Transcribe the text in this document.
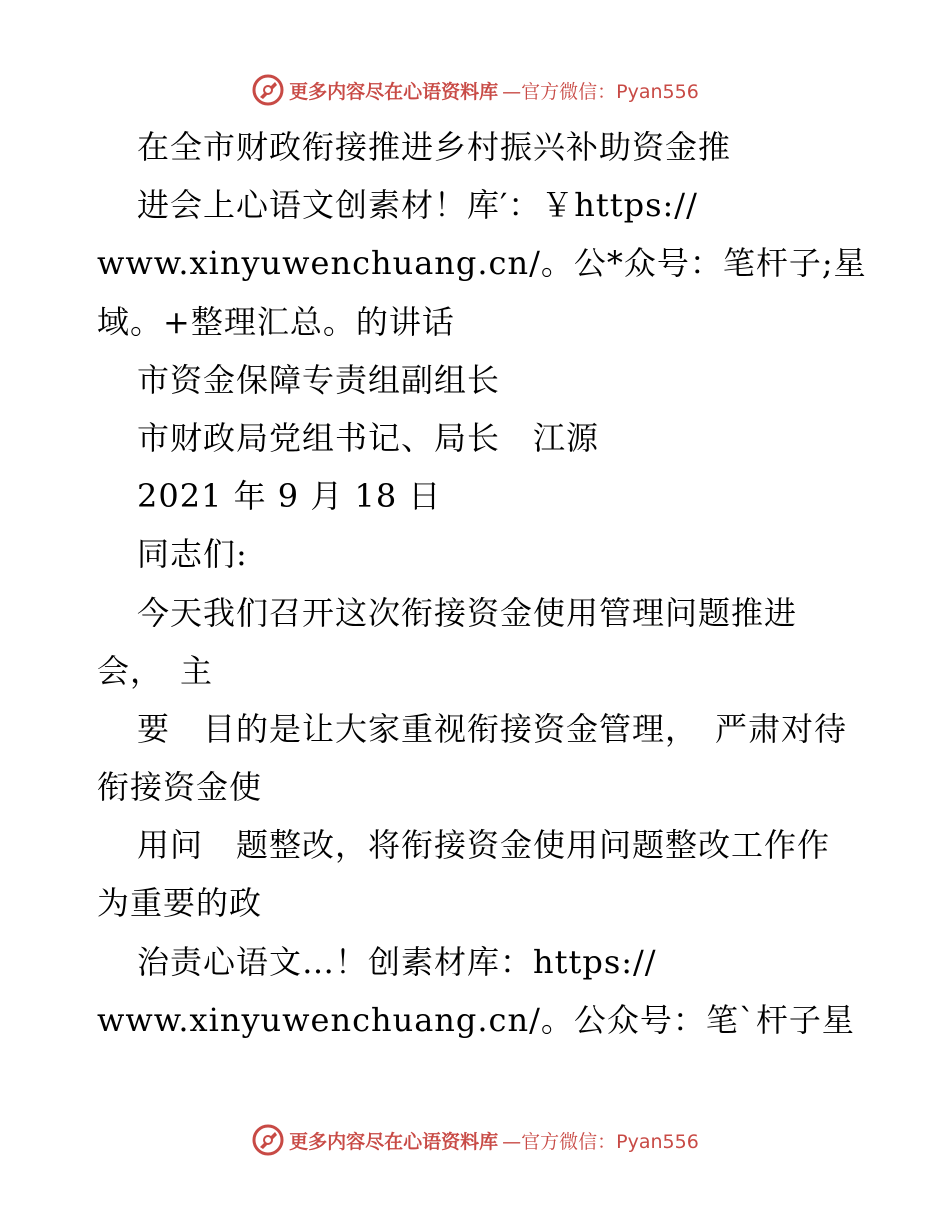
更多内容尽在心语资料库 —官方微信：Pyan556
在全市财政衔接推进乡村振兴补助资金推
进会上心语文创素材！库′：￥https://
www.xinyuwenchuang.cn/。公*众号：笔杆子;星
域。+整理汇总。的讲话
市资金保障专责组副组长
市财政局党组书记、局长　江源
2021 年 9 月 18 日
同志们:
今天我们召开这次衔接资金使用管理问题推进
会，　主
要　目的是让大家重视衔接资金管理，　严肃对待
衔接资金使
用问　题整改，将衔接资金使用问题整改工作作
为重要的政
治责心语文…！创素材库：https://
www.xinyuwenchuang.cn/。公众号：笔`杆子星
更多内容尽在心语资料库 —官方微信：Pyan556
